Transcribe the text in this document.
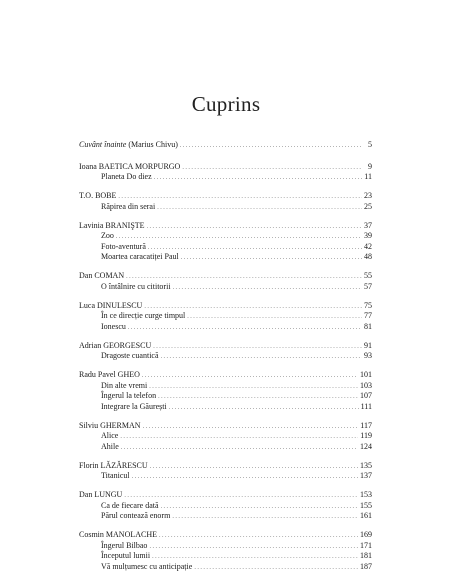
Cuprins
Cuvânt înainte
(Marius Chivu) . . .	5
Ioana BAETICA MORPURGO . . .	9
Planeta Do diez . . .	11
T.O. BOBE . . .	23
Răpirea din serai . . .	25
Lavinia BRANIŞTE . . .	37
Zoo . . .	39
Foto-aventură . . .	42
Moartea caracatiței Paul . . .	48
Dan COMAN . . .	55
O întâlnire cu cititorii . . .	57
Luca DINULESCU . . .	75
În ce direcție curge timpul . . .	77
Ionescu . . .	81
Adrian GEORGESCU . . .	91
Dragoste cuantică . . .	93
Radu Pavel GHEO . . .	101
Din alte vremi . . .	103
Îngerul la telefon . . .	107
Integrare la Găurești . . .	111
Silviu GHERMAN . . .	117
Alice . . .	119
Ahile . . .	124
Florin LĂZĂRESCU . . .	135
Titanicul . . .	137
Dan LUNGU . . .	153
Ca de fiecare dată . . .	155
Părul contează enorm . . .	161
Cosmin MANOLACHE . . .	169
Îngerul Bilbao . . .	171
Începutul lumii . . .	181
Vă mulțumesc cu anticipație . . .	187
